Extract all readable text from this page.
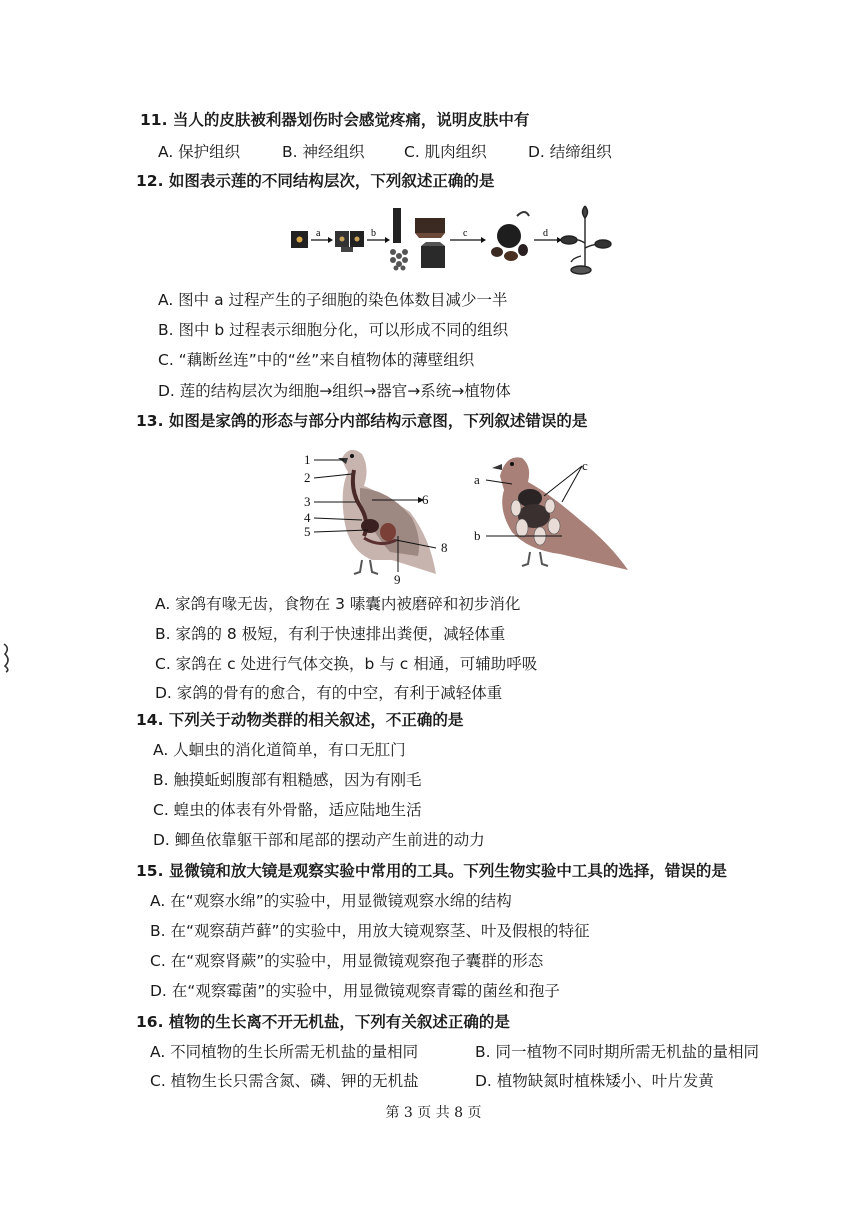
11. 当人的皮肤被利器划伤时会感觉疼痛，说明皮肤中有
A. 保护组织	B. 神经组织	C. 肌肉组织	D. 结缔组织
12. 如图表示莲的不同结构层次，下列叙述正确的是
a	b	c	d
A. 图中 a 过程产生的子细胞的染色体数目减少一半
B. 图中 b 过程表示细胞分化，可以形成不同的组织
C. “藕断丝连”中的“丝”来自植物体的薄壁组织
D. 莲的结构层次为细胞→组织→器官→系统→植物体
13. 如图是家鸽的形态与部分内部结构示意图，下列叙述错误的是
1
2
3
4
5
6
8
9
a
b
c
A. 家鸽有喙无齿，食物在 3 嗉囊内被磨碎和初步消化
B. 家鸽的 8 极短，有利于快速排出粪便，减轻体重
C. 家鸽在 c 处进行气体交换，b 与 c 相通，可辅助呼吸
D. 家鸽的骨有的愈合，有的中空，有利于减轻体重
14. 下列关于动物类群的相关叙述，不正确的是
A. 人蛔虫的消化道简单，有口无肛门
B. 触摸蚯蚓腹部有粗糙感，因为有刚毛
C. 蝗虫的体表有外骨骼，适应陆地生活
D. 鲫鱼依靠躯干部和尾部的摆动产生前进的动力
15. 显微镜和放大镜是观察实验中常用的工具。下列生物实验中工具的选择，错误的是
A. 在“观察水绵”的实验中，用显微镜观察水绵的结构
B. 在“观察葫芦藓”的实验中，用放大镜观察茎、叶及假根的特征
C. 在“观察肾蕨”的实验中，用显微镜观察孢子囊群的形态
D. 在“观察霉菌”的实验中，用显微镜观察青霉的菌丝和孢子
16. 植物的生长离不开无机盐，下列有关叙述正确的是
A. 不同植物的生长所需无机盐的量相同	B. 同一植物不同时期所需无机盐的量相同
C. 植物生长只需含氮、磷、钾的无机盐	D. 植物缺氮时植株矮小、叶片发黄
第 3 页 共 8 页
